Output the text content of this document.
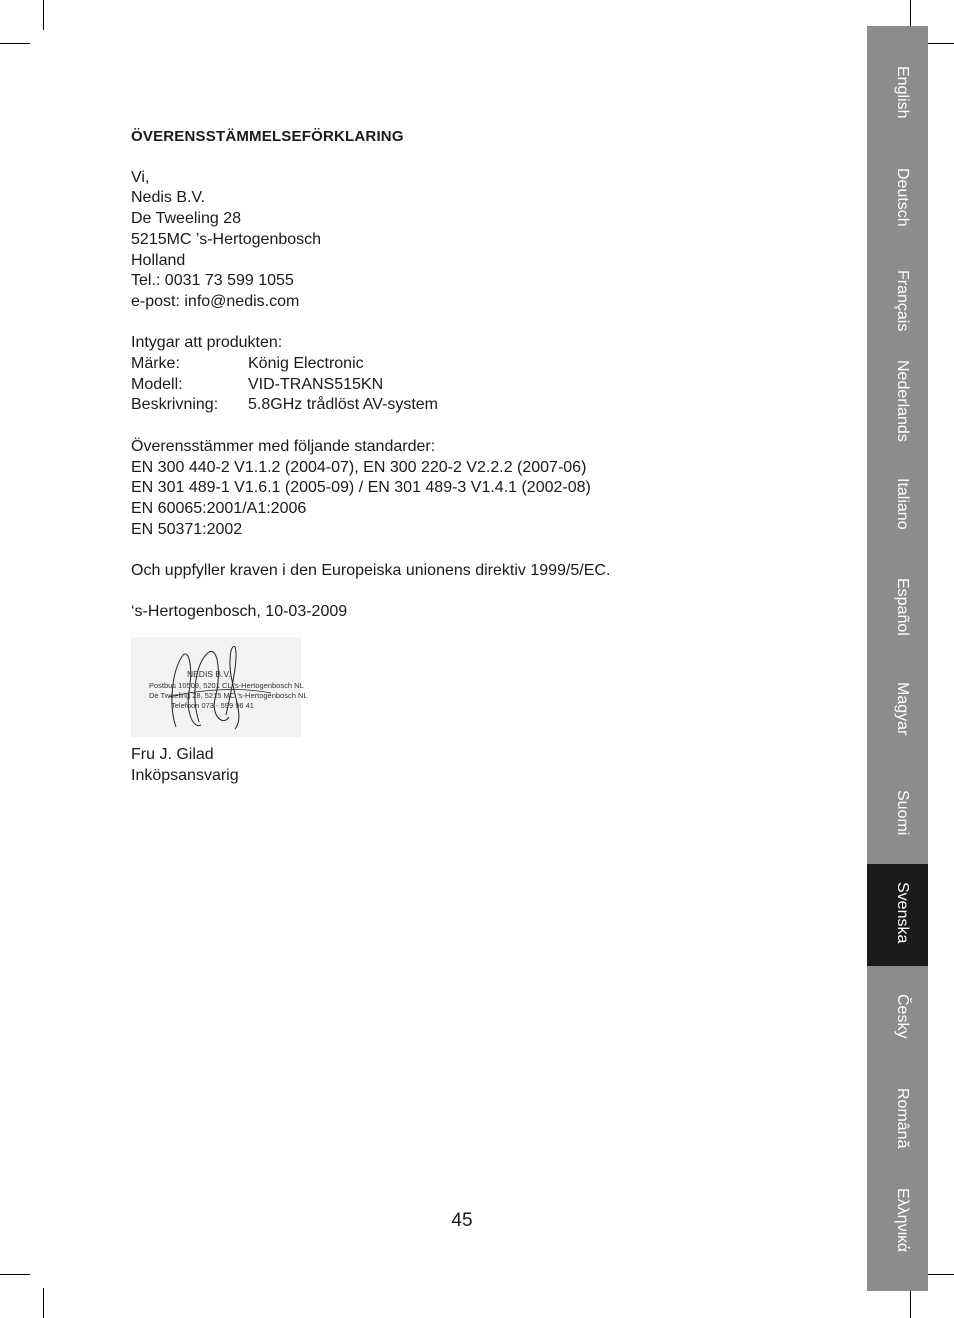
ÖVERENSSTÄMMELSEFÖRKLARING

Vi,
Nedis B.V.
De Tweeling 28
5215MC ’s-Hertogenbosch
Holland
Tel.: 0031 73 599 1055
e-post: info@nedis.com
Intygar att produkten:
Märke:	König Electronic
Modell:	VID-TRANS515KN
Beskrivning:	5.8GHz trådlöst AV-system
Överensstämmer med följande standarder:
EN 300 440-2 V1.1.2 (2004-07), EN 300 220-2 V2.2.2 (2007-06)
EN 301 489-1 V1.6.1 (2005-09) / EN 301 489-3 V1.4.1 (2002-08)
EN 60065:2001/A1:2006
EN 50371:2002
Och uppfyller kraven i den Europeiska unionens direktiv 1999/5/EC.
‘s-Hertogenbosch, 10-03-2009
NEDIS B.V.
Postbus 10509, 5201 CL ’s-Hertogenbosch NL
De Tweeling 28, 5215 MC ’s-Hertogenbosch NL
Telefoon 073 - 599 96 41
Fru J. Gilad
Inköpsansvarig
45
English
Deutsch
Français
Nederlands
Italiano
Español
Magyar
Suomi
Svenska
Česky
Română
Ελληνικά
